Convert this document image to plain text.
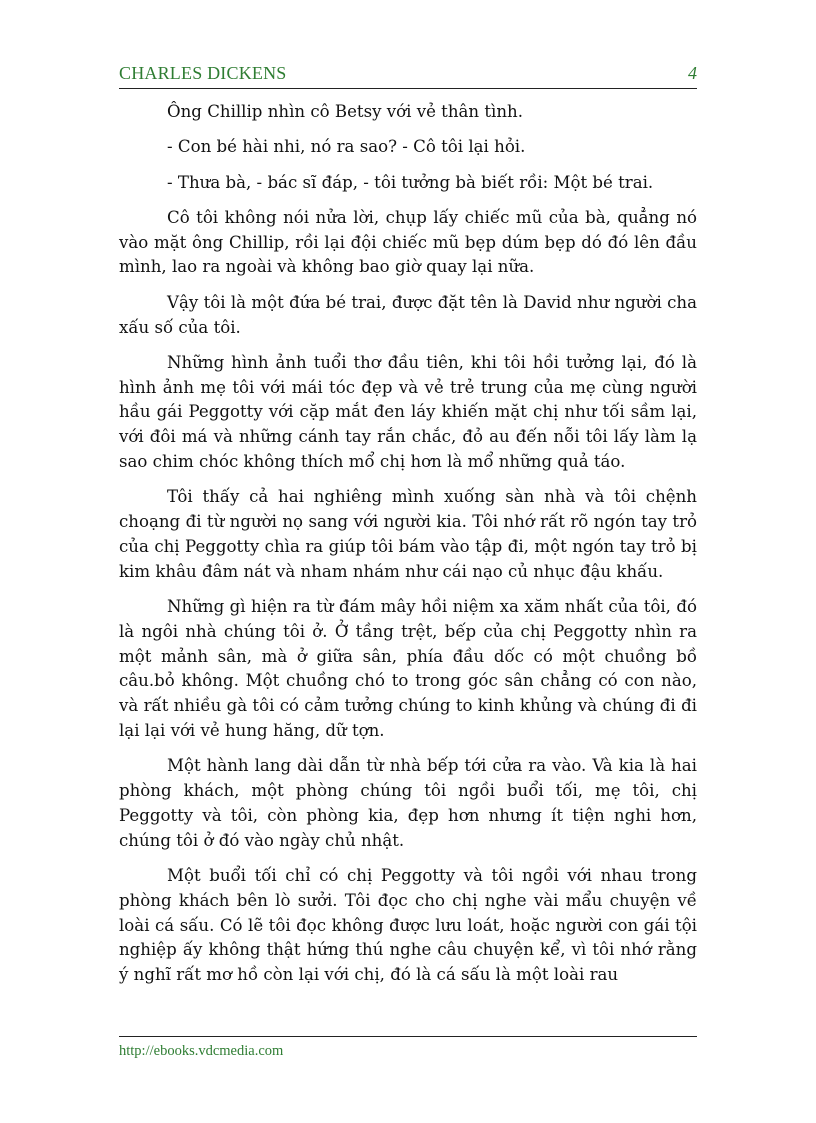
CHARLES DICKENS	4

Ông Chillip nhìn cô Betsy với vẻ thân tình.

- Con bé hài nhi, nó ra sao? - Cô tôi lại hỏi.

- Thưa bà, - bác sĩ đáp, - tôi tưởng bà biết rồi: Một bé trai.

Cô tôi không nói nửa lời, chụp lấy chiếc mũ của bà, quẳng nó vào mặt ông Chillip, rồi lại đội chiếc mũ bẹp dúm bẹp dó đó lên đầu mình, lao ra ngoài và không bao giờ quay lại nữa.

Vậy tôi là một đứa bé trai, được đặt tên là David như người cha xấu số của tôi.

Những hình ảnh tuổi thơ đầu tiên, khi tôi hồi tưởng lại, đó là hình ảnh mẹ tôi với mái tóc đẹp và vẻ trẻ trung của mẹ cùng người hầu gái Peggotty với cặp mắt đen láy khiến mặt chị như tối sầm lại, với đôi má và những cánh tay rắn chắc, đỏ au đến nỗi tôi lấy làm lạ sao chim chóc không thích mổ chị hơn là mổ những quả táo.

Tôi thấy cả hai nghiêng mình xuống sàn nhà và tôi chệnh choạng đi từ người nọ sang với người kia. Tôi nhớ rất rõ ngón tay trỏ của chị Peggotty chìa ra giúp tôi bám vào tập đi, một ngón tay trỏ bị kim khâu đâm nát và nham nhám như cái nạo củ nhục đậu khấu.

Những gì hiện ra từ đám mây hồi niệm xa xăm nhất của tôi, đó là ngôi nhà chúng tôi ở. Ở tầng trệt, bếp của chị Peggotty nhìn ra một mảnh sân, mà ở giữa sân, phía đầu dốc có một chuồng bồ câu.bỏ không. Một chuồng chó to trong góc sân chẳng có con nào, và rất nhiều gà tôi có cảm tưởng chúng to kinh khủng và chúng đi đi lại lại với vẻ hung hăng, dữ tợn.

Một hành lang dài dẫn từ nhà bếp tới cửa ra vào. Và kia là hai phòng khách, một phòng chúng tôi ngồi buổi tối, mẹ tôi, chị Peggotty và tôi, còn phòng kia, đẹp hơn nhưng ít tiện nghi hơn, chúng tôi ở đó vào ngày chủ nhật.

Một buổi tối chỉ có chị Peggotty và tôi ngồi với nhau trong phòng khách bên lò sưởi. Tôi đọc cho chị nghe vài mẩu chuyện về loài cá sấu. Có lẽ tôi đọc không được lưu loát, hoặc người con gái tội nghiệp ấy không thật hứng thú nghe câu chuyện kể, vì tôi nhớ rằng ý nghĩ rất mơ hồ còn lại với chị, đó là cá sấu là một loài rau

http://ebooks.vdcmedia.com
